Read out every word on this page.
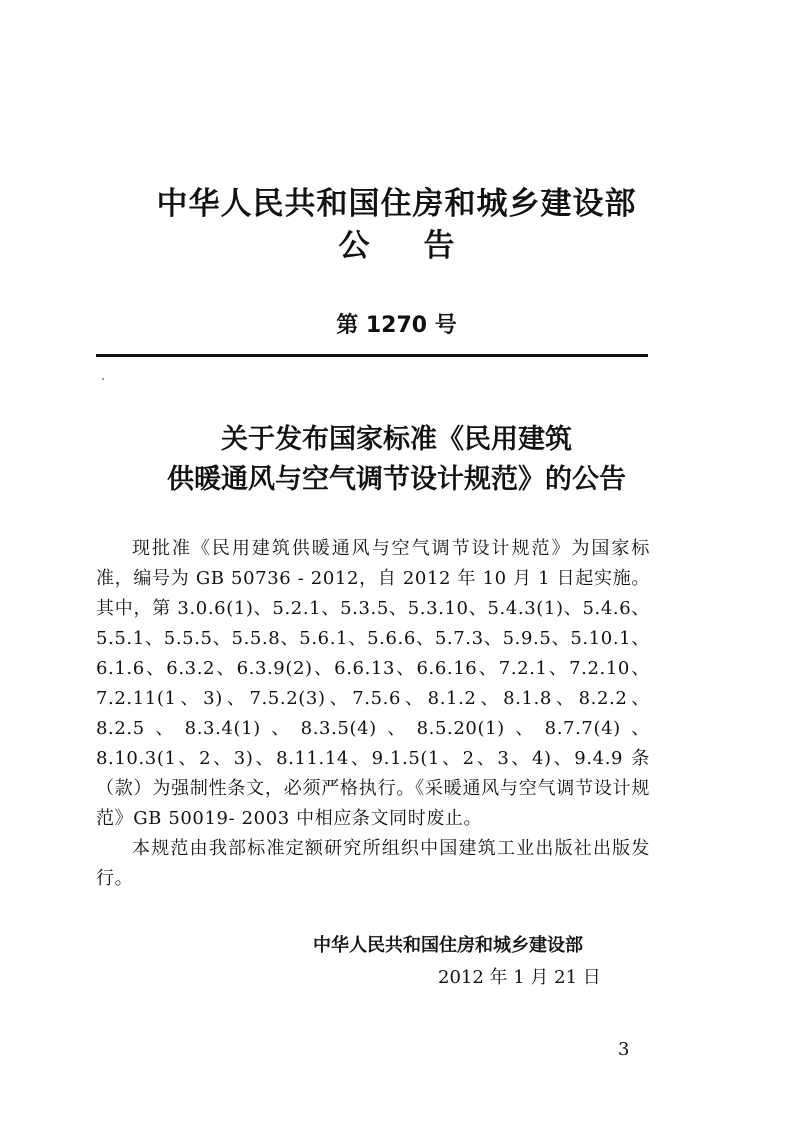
中华人民共和国住房和城乡建设部
公告
第 1270 号
关于发布国家标准《民用建筑
供暖通风与空气调节设计规范》的公告

现批准《民用建筑供暖通风与空气调节设计规范》为国家标准，编号为 GB 50736 - 2012，自 2012 年 10 月 1 日起实施。其中，第 3.0.6(1)、5.2.1、5.3.5、5.3.10、5.4.3(1)、5.4.6、5.5.1、5.5.5、5.5.8、5.6.1、5.6.6、5.7.3、5.9.5、5.10.1、6.1.6、6.3.2、6.3.9(2)、6.6.13、6.6.16、7.2.1、7.2.10、7.2.11(1、3)、7.5.2(3)、7.5.6、8.1.2、8.1.8、8.2.2、8.2.5、8.3.4(1)、8.3.5(4)、8.5.20(1)、8.7.7(4)、8.10.3(1、2、3)、8.11.14、9.1.5(1、2、3、4)、9.4.9 条（款）为强制性条文，必须严格执行。《采暖通风与空气调节设计规范》GB 50019- 2003 中相应条文同时废止。

本规范由我部标准定额研究所组织中国建筑工业出版社出版发行。

中华人民共和国住房和城乡建设部
2012 年 1 月 21 日
3
